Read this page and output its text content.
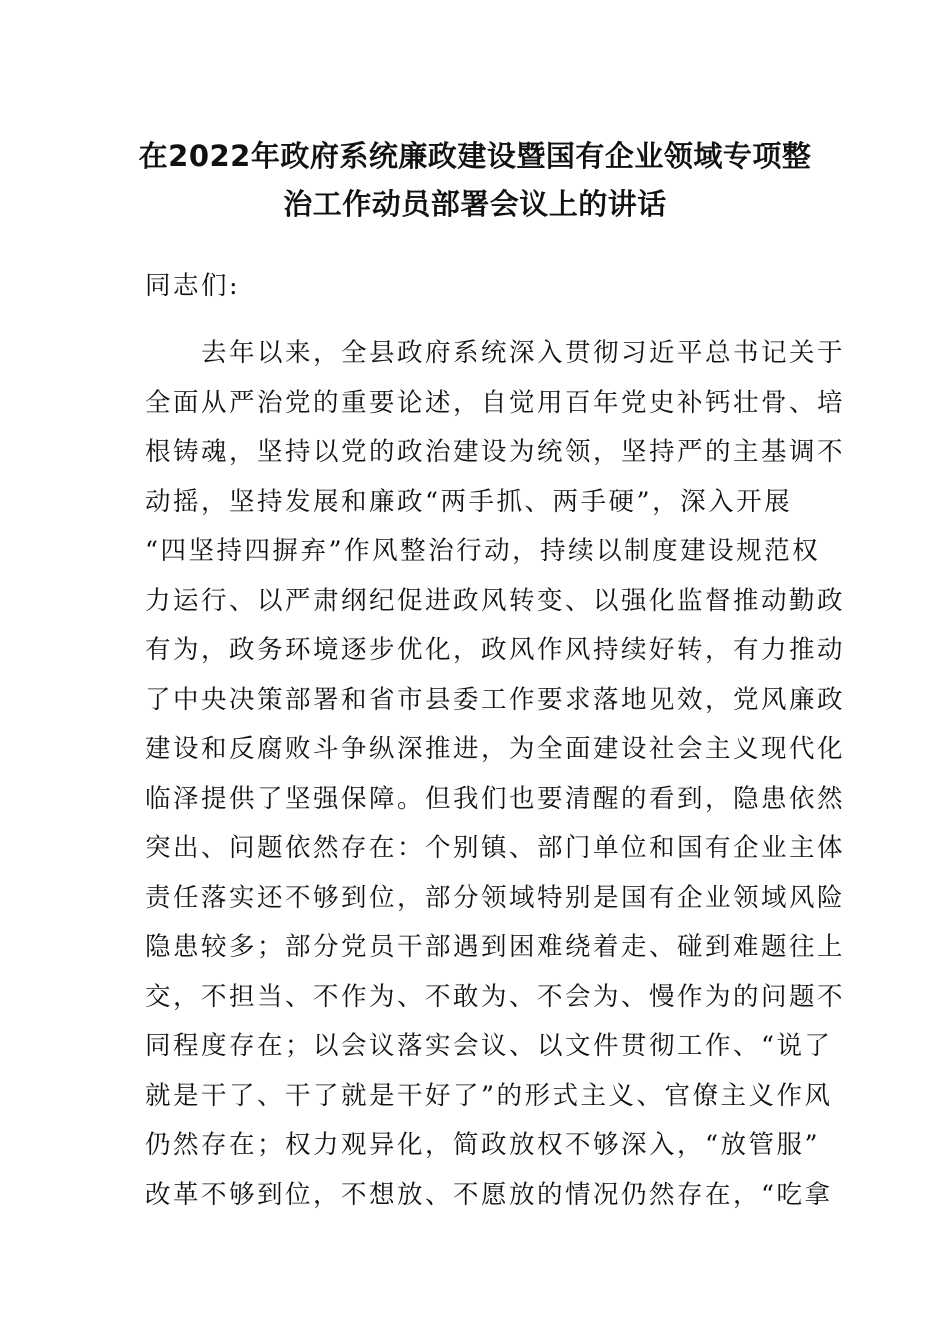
在2022年政府系统廉政建设暨国有企业领域专项整
治工作动员部署会议上的讲话
同志们:
　　去年以来，全县政府系统深入贯彻习近平总书记关于
全面从严治党的重要论述，自觉用百年党史补钙壮骨、培
根铸魂，坚持以党的政治建设为统领，坚持严的主基调不
动摇，坚持发展和廉政“两手抓、两手硬”，深入开展
“四坚持四摒弃”作风整治行动，持续以制度建设规范权
力运行、以严肃纲纪促进政风转变、以强化监督推动勤政
有为，政务环境逐步优化，政风作风持续好转，有力推动
了中央决策部署和省市县委工作要求落地见效，党风廉政
建设和反腐败斗争纵深推进，为全面建设社会主义现代化
临泽提供了坚强保障。但我们也要清醒的看到，隐患依然
突出、问题依然存在：个别镇、部门单位和国有企业主体
责任落实还不够到位，部分领域特别是国有企业领域风险
隐患较多；部分党员干部遇到困难绕着走、碰到难题往上
交，不担当、不作为、不敢为、不会为、慢作为的问题不
同程度存在；以会议落实会议、以文件贯彻工作、“说了
就是干了、干了就是干好了”的形式主义、官僚主义作风
仍然存在；权力观异化，简政放权不够深入，“放管服”
改革不够到位，不想放、不愿放的情况仍然存在，“吃拿
